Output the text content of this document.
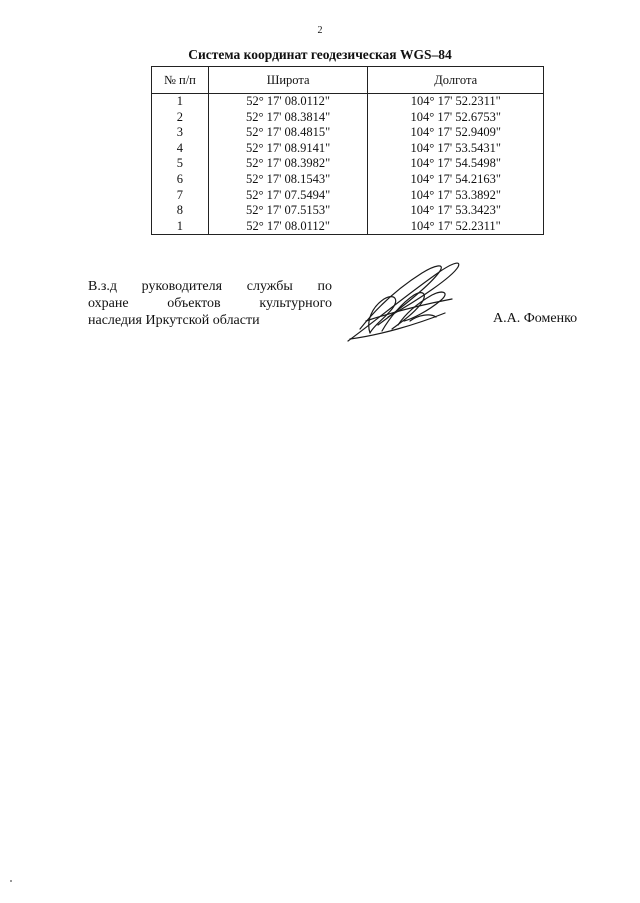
2
Система координат геодезическая WGS–84
№ п/п	Широта	Долгота
1	52° 17' 08.0112"	104° 17' 52.2311"
2	52° 17' 08.3814"	104° 17' 52.6753"
3	52° 17' 08.4815"	104° 17' 52.9409"
4	52° 17' 08.9141"	104° 17' 53.5431"
5	52° 17' 08.3982"	104° 17' 54.5498"
6	52° 17' 08.1543"	104° 17' 54.2163"
7	52° 17' 07.5494"	104° 17' 53.3892"
8	52° 17' 07.5153"	104° 17' 53.3423"
1	52° 17' 08.0112"	104° 17' 52.2311"
В.з.д руководителя службы по
охране объектов культурного

наследия Иркутской области	А.А. Фоменко
